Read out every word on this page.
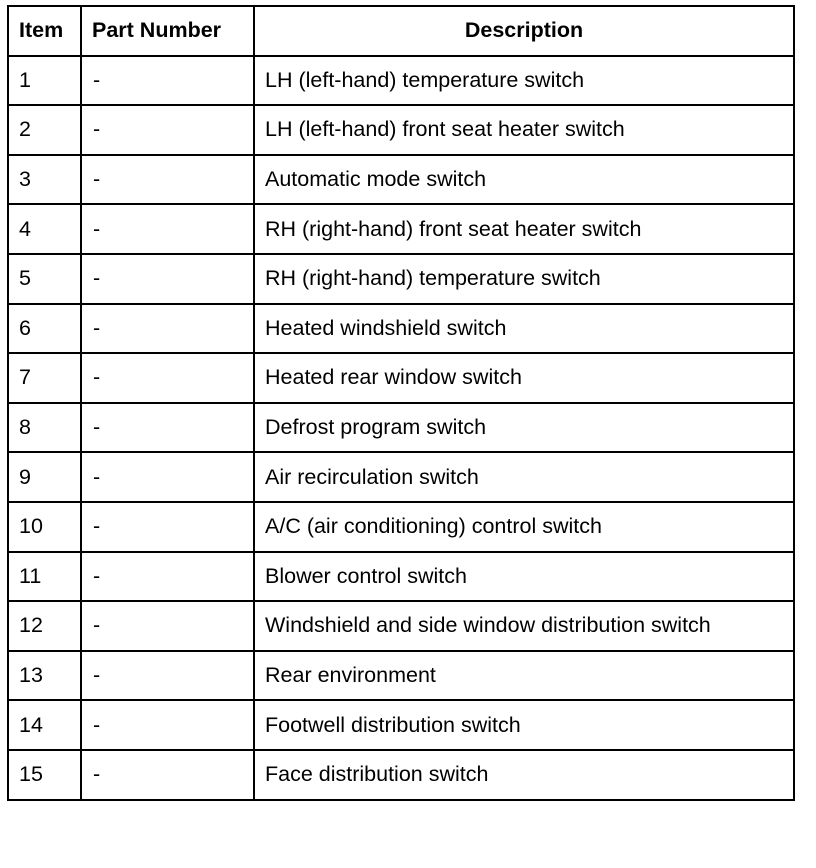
Item	Part Number	Description
1	-	LH (left-hand) temperature switch
2	-	LH (left-hand) front seat heater switch
3	-	Automatic mode switch
4	-	RH (right-hand) front seat heater switch
5	-	RH (right-hand) temperature switch
6	-	Heated windshield switch
7	-	Heated rear window switch
8	-	Defrost program switch
9	-	Air recirculation switch
10	-	A/C (air conditioning) control switch
11	-	Blower control switch
12	-	Windshield and side window distribution switch
13	-	Rear environment
14	-	Footwell distribution switch
15	-	Face distribution switch
